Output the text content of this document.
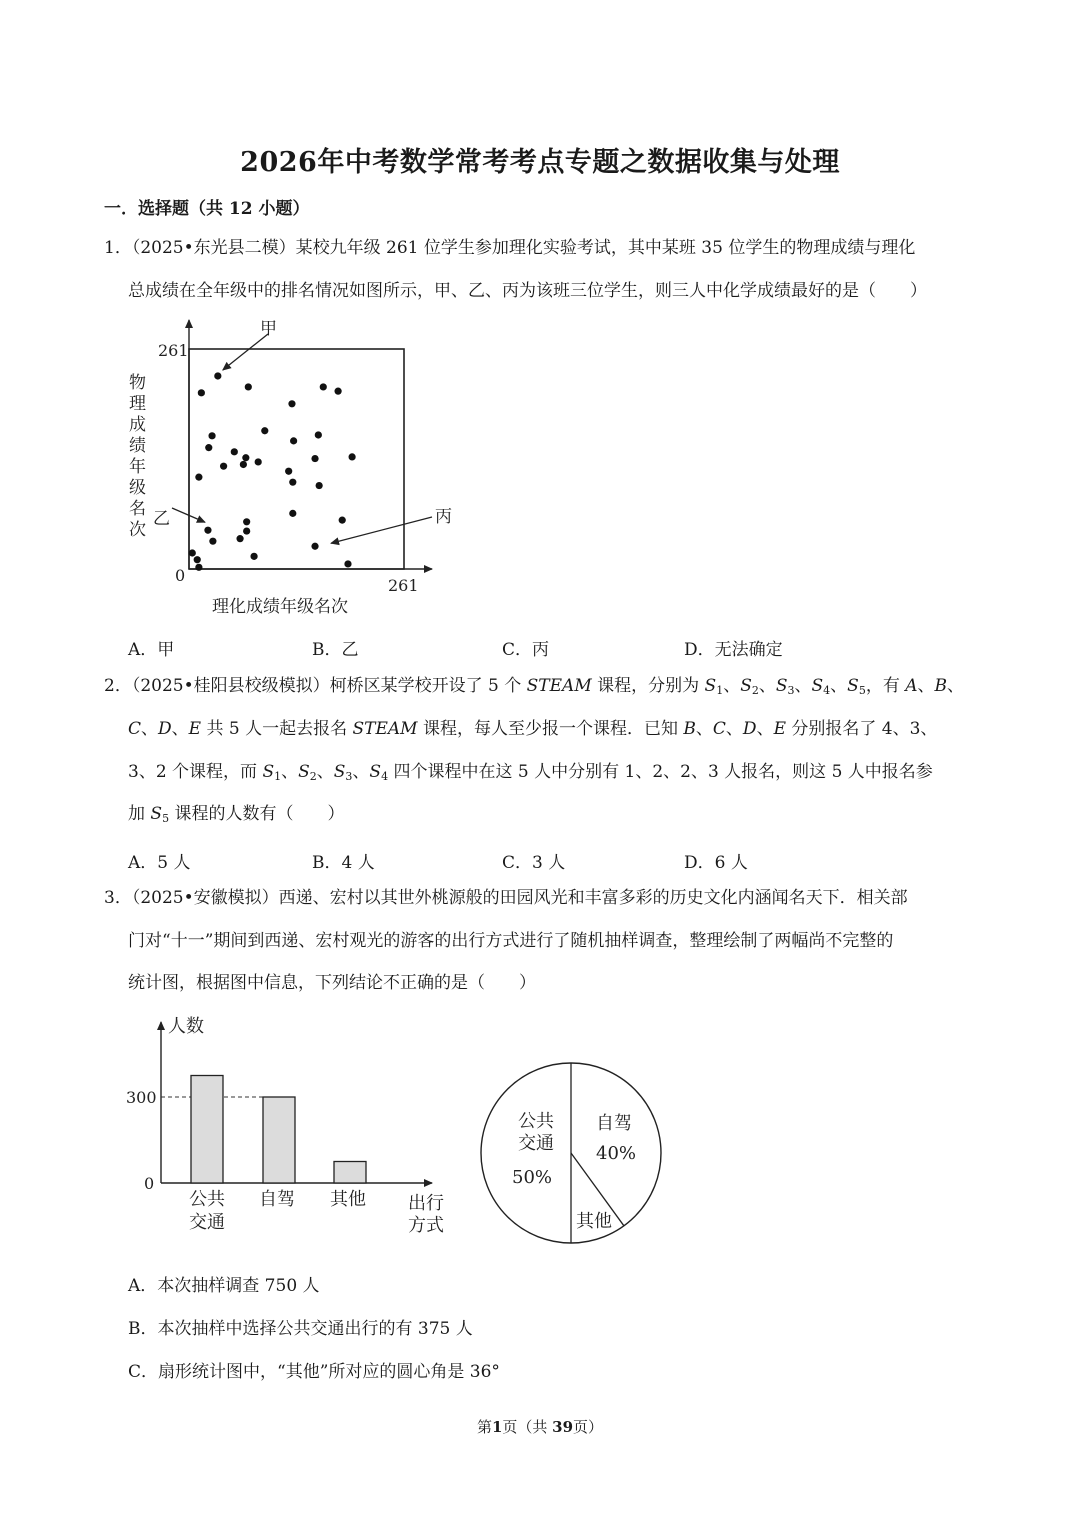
2026年中考数学常考考点专题之数据收集与处理
一．选择题（共 12 小题）
1．（2025•东光县二模）某校九年级 261 位学生参加理化实验考试，其中某班 35 位学生的物理成绩与理化
总成绩在全年级中的排名情况如图所示，甲、乙、丙为该班三位学生，则三人中化学成绩最好的是（　　）
261
0
261
理化成绩年级名次
物
理
成
绩
年
级
名
次
甲
乙	丙
A．甲	B．乙	C．丙	D．无法确定
2．（2025•桂阳县校级模拟）柯桥区某学校开设了 5 个 STEAM 课程，分别为 $S_1$、$S_2$、$S_3$、$S_4$、$S_5$，有 A、B、
C、D、E 共 5 人一起去报名 STEAM 课程，每人至少报一个课程．已知 B、C、D、E 分别报名了 4、3、
3、2 个课程，而 $S_1$、$S_2$、$S_3$、$S_4$ 四个课程中在这 5 人中分别有 1、2、2、3 人报名，则这 5 人中报名参
加 $S_5$ 课程的人数有（　　）
A．5 人	B．4 人	C．3 人	D．6 人
3．（2025•安徽模拟）西递、宏村以其世外桃源般的田园风光和丰富多彩的历史文化内涵闻名天下．相关部
门对“十一”期间到西递、宏村观光的游客的出行方式进行了随机抽样调查，整理绘制了两幅尚不完整的
统计图，根据图中信息，下列结论不正确的是（　　）
人数
300
0
公共
交通
自驾 其他 出行
方式
公共
交通
50%
自驾
40%
其他
A．本次抽样调查 750 人
B．本次抽样中选择公共交通出行的有 375 人
C．扇形统计图中，“其他”所对应的圆心角是 36°
第1页（共 39页）
